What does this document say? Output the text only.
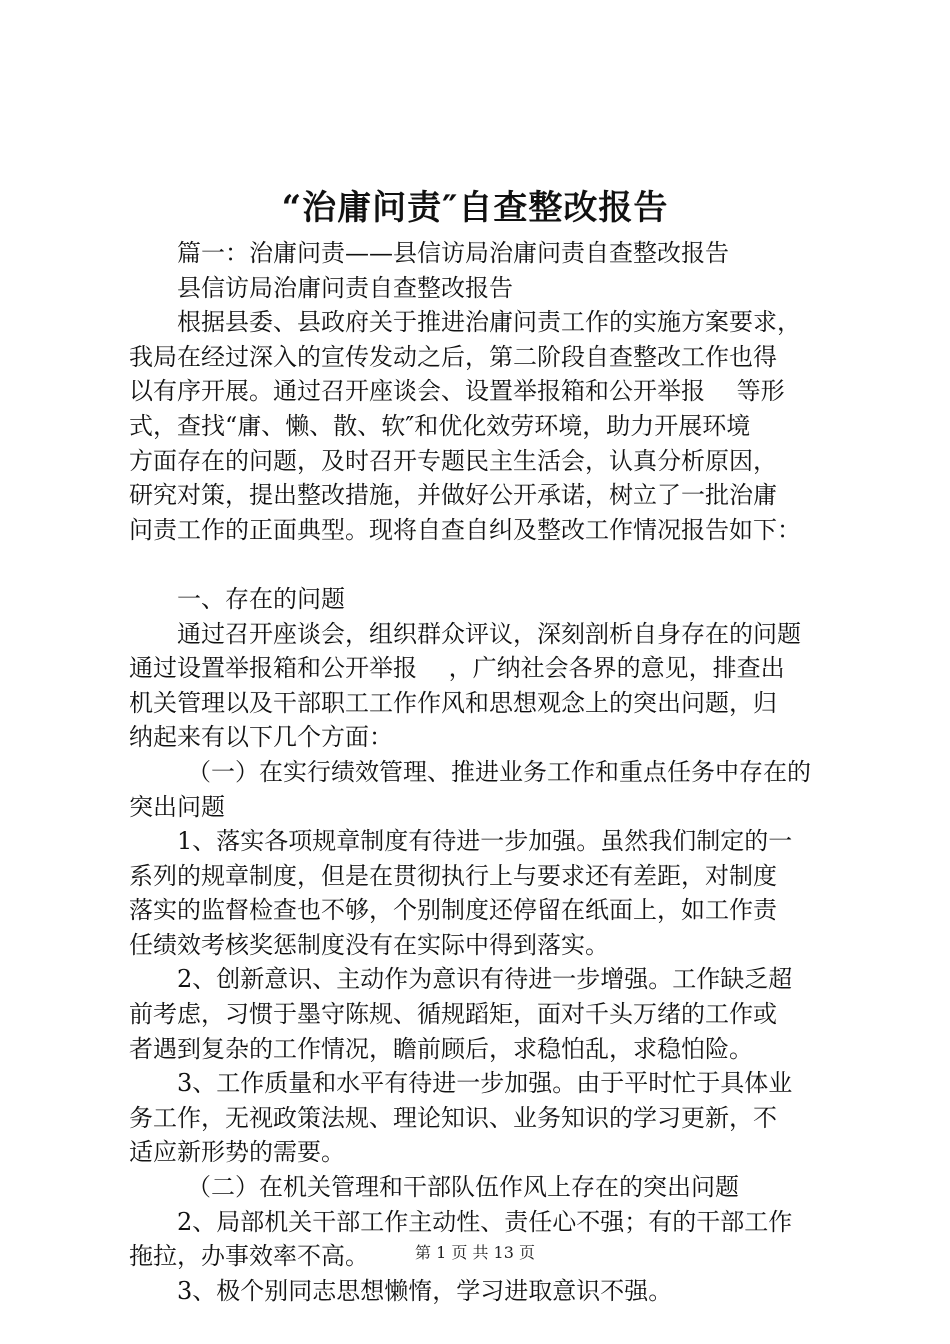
“治庸问责″自查整改报告
篇一：治庸问责——县信访局治庸问责自查整改报告
县信访局治庸问责自查整改报告
根据县委、县政府关于推进治庸问责工作的实施方案要求，
我局在经过深入的宣传发动之后，第二阶段自查整改工作也得
以有序开展。通过召开座谈会、设置举报箱和公开举报　 等形
式，查找“庸、懒、散、软″和优化效劳环境，助力开展环境
方面存在的问题，及时召开专题民主生活会，认真分析原因，
研究对策，提出整改措施，并做好公开承诺，树立了一批治庸
问责工作的正面典型。现将自查自纠及整改工作情况报告如下：
一、存在的问题
通过召开座谈会，组织群众评议，深刻剖析自身存在的问题
通过设置举报箱和公开举报　 ，广纳社会各界的意见，排查出
机关管理以及干部职工工作作风和思想观念上的突出问题，归
纳起来有以下几个方面：
（一）在实行绩效管理、推进业务工作和重点任务中存在的
突出问题
1、落实各项规章制度有待进一步加强。虽然我们制定的一
系列的规章制度，但是在贯彻执行上与要求还有差距，对制度
落实的监督检查也不够，个别制度还停留在纸面上，如工作责
任绩效考核奖惩制度没有在实际中得到落实。
2、创新意识、主动作为意识有待进一步增强。工作缺乏超
前考虑，习惯于墨守陈规、循规蹈矩，面对千头万绪的工作或
者遇到复杂的工作情况，瞻前顾后，求稳怕乱，求稳怕险。
3、工作质量和水平有待进一步加强。由于平时忙于具体业
务工作，无视政策法规、理论知识、业务知识的学习更新，不
适应新形势的需要。
（二）在机关管理和干部队伍作风上存在的突出问题
2、局部机关干部工作主动性、责任心不强；有的干部工作
拖拉，办事效率不高。
3、极个别同志思想懒惰，学习进取意识不强。
第 1 页 共 13 页
